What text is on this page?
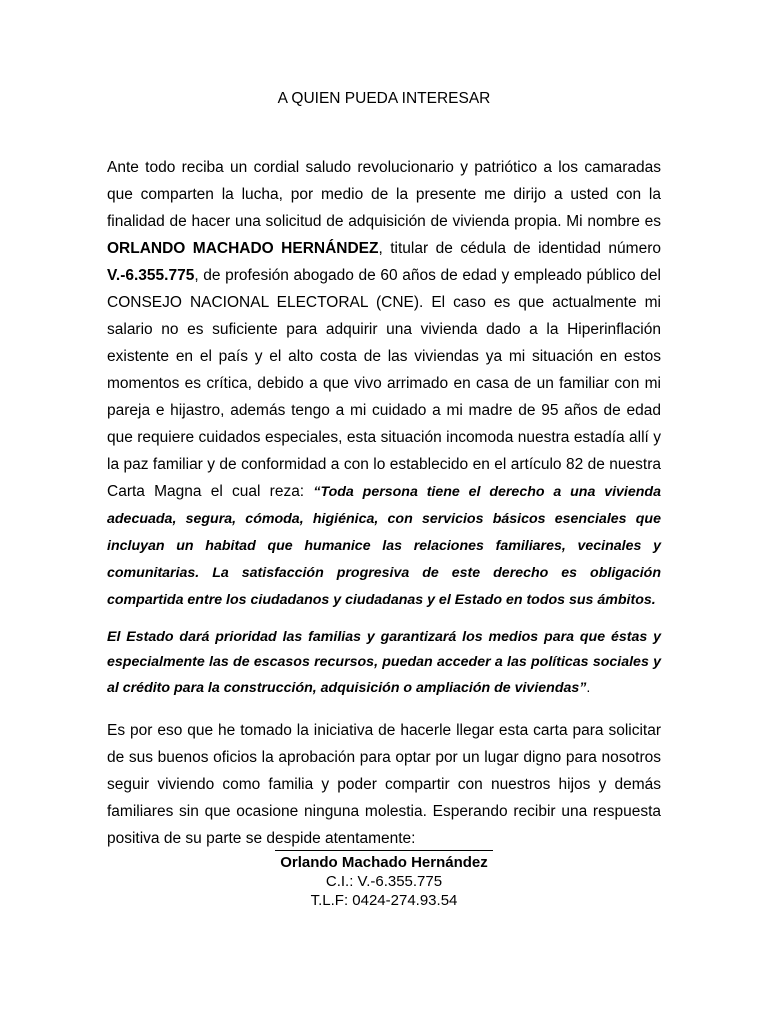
A QUIEN PUEDA INTERESAR

Ante todo reciba un cordial saludo revolucionario y patriótico a los camaradas que comparten la lucha, por medio de la presente me dirijo a usted con la finalidad de hacer una solicitud de adquisición de vivienda propia. Mi nombre es ORLANDO MACHADO HERNÁNDEZ, titular de cédula de identidad número V.-6.355.775, de profesión abogado de 60 años de edad y empleado público del CONSEJO NACIONAL ELECTORAL (CNE). El caso es que actualmente mi salario no es suficiente para adquirir una vivienda dado a la Hiperinflación existente en el país y el alto costa de las viviendas ya mi situación en estos momentos es crítica, debido a que vivo arrimado en casa de un familiar con mi pareja e hijastro, además tengo a mi cuidado a mi madre de 95 años de edad que requiere cuidados especiales, esta situación incomoda nuestra estadía allí y la paz familiar y de conformidad a con lo establecido en el artículo 82 de nuestra Carta Magna el cual reza: “Toda persona tiene el derecho a una vivienda adecuada, segura, cómoda, higiénica, con servicios básicos esenciales que incluyan un habitad que humanice las relaciones familiares, vecinales y comunitarias. La satisfacción progresiva de este derecho es obligación compartida entre los ciudadanos y ciudadanas y el Estado en todos sus ámbitos.

El Estado dará prioridad las familias y garantizará los medios para que éstas y especialmente las de escasos recursos, puedan acceder a las políticas sociales y al crédito para la construcción, adquisición o ampliación de viviendas”.

Es por eso que he tomado la iniciativa de hacerle llegar esta carta para solicitar de sus buenos oficios la aprobación para optar por un lugar digno para nosotros seguir viviendo como familia y poder compartir con nuestros hijos y demás familiares sin que ocasione ninguna molestia. Esperando recibir una respuesta positiva de su parte se despide atentamente:

Orlando Machado Hernández
C.I.: V.-6.355.775
T.L.F: 0424-274.93.54
